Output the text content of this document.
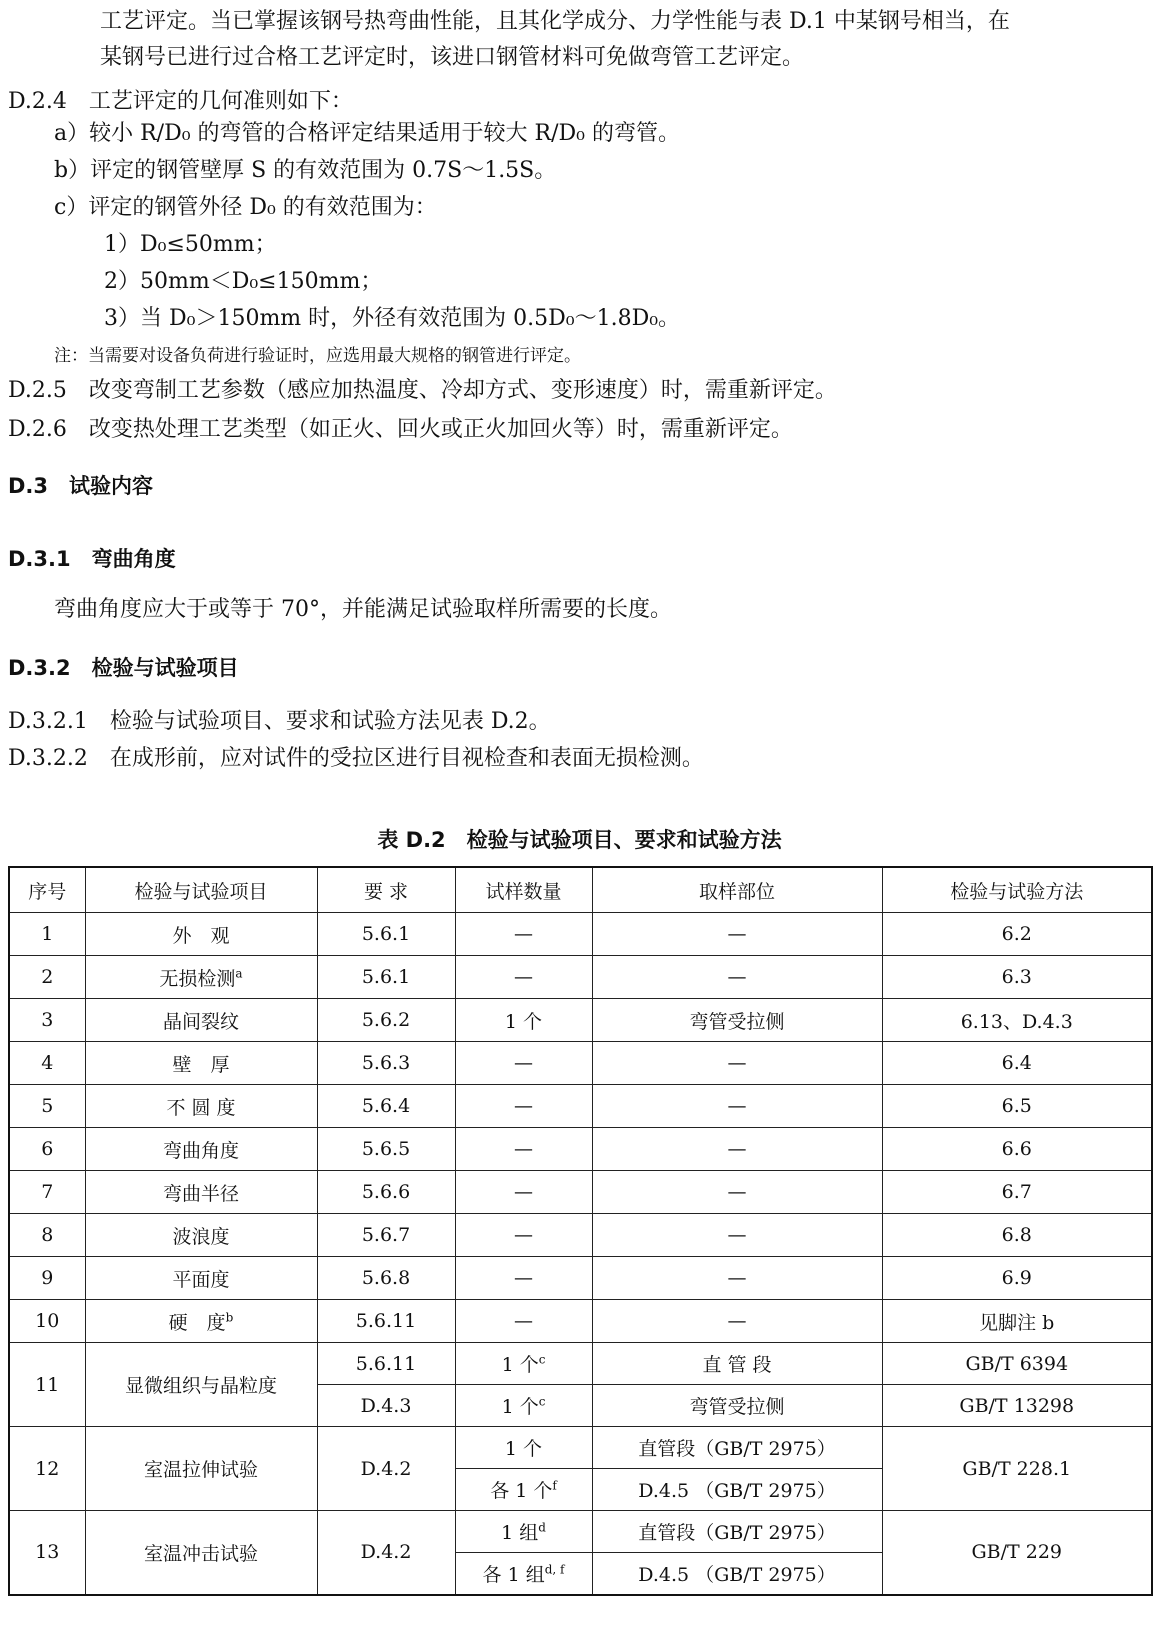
工艺评定。当已掌握该钢号热弯曲性能，且其化学成分、力学性能与表 D.1 中某钢号相当，在
某钢号已进行过合格工艺评定时，该进口钢管材料可免做弯管工艺评定。
D.2.4　工艺评定的几何准则如下：
a）较小 R/D₀ 的弯管的合格评定结果适用于较大 R/D₀ 的弯管。
b）评定的钢管壁厚 S 的有效范围为 0.7S～1.5S。
c）评定的钢管外径 D₀ 的有效范围为：
1）D₀≤50mm；
2）50mm＜D₀≤150mm；
3）当 D₀＞150mm 时，外径有效范围为 0.5D₀～1.8D₀。
注：当需要对设备负荷进行验证时，应选用最大规格的钢管进行评定。
D.2.5　改变弯制工艺参数（感应加热温度、冷却方式、变形速度）时，需重新评定。
D.2.6　改变热处理工艺类型（如正火、回火或正火加回火等）时，需重新评定。
D.3　试验内容
D.3.1　弯曲角度
弯曲角度应大于或等于 70°，并能满足试验取样所需要的长度。
D.3.2　检验与试验项目
D.3.2.1　检验与试验项目、要求和试验方法见表 D.2。
D.3.2.2　在成形前，应对试件的受拉区进行目视检查和表面无损检测。
表 D.2　检验与试验项目、要求和试验方法
序号	检验与试验项目	要 求	试样数量	取样部位	检验与试验方法
1	外　观	5.6.1	—	—	6.2
2	无损检测$^a$	5.6.1	—	—	6.3
3	晶间裂纹	5.6.2	1 个	弯管受拉侧	6.13、D.4.3
4	壁　厚	5.6.3	—	—	6.4
5	不 圆 度	5.6.4	—	—	6.5
6	弯曲角度	5.6.5	—	—	6.6
7	弯曲半径	5.6.6	—	—	6.7
8	波浪度	5.6.7	—	—	6.8
9	平面度	5.6.8	—	—	6.9
10	硬　度$^b$	5.6.11	—	—	见脚注 b
11	显微组织与晶粒度	5.6.11	1 个$^c$	直 管 段	GB/T 6394
		D.4.3	1 个$^c$	弯管受拉侧	GB/T 13298
12	室温拉伸试验	D.4.2	1 个	直管段（GB/T 2975）	GB/T 228.1
			各 1 个$^f$	D.4.5 （GB/T 2975）	
13	室温冲击试验	D.4.2	1 组$^d$	直管段（GB/T 2975）	GB/T 229
			各 1 组$^{d, f}$	D.4.5 （GB/T 2975）	
